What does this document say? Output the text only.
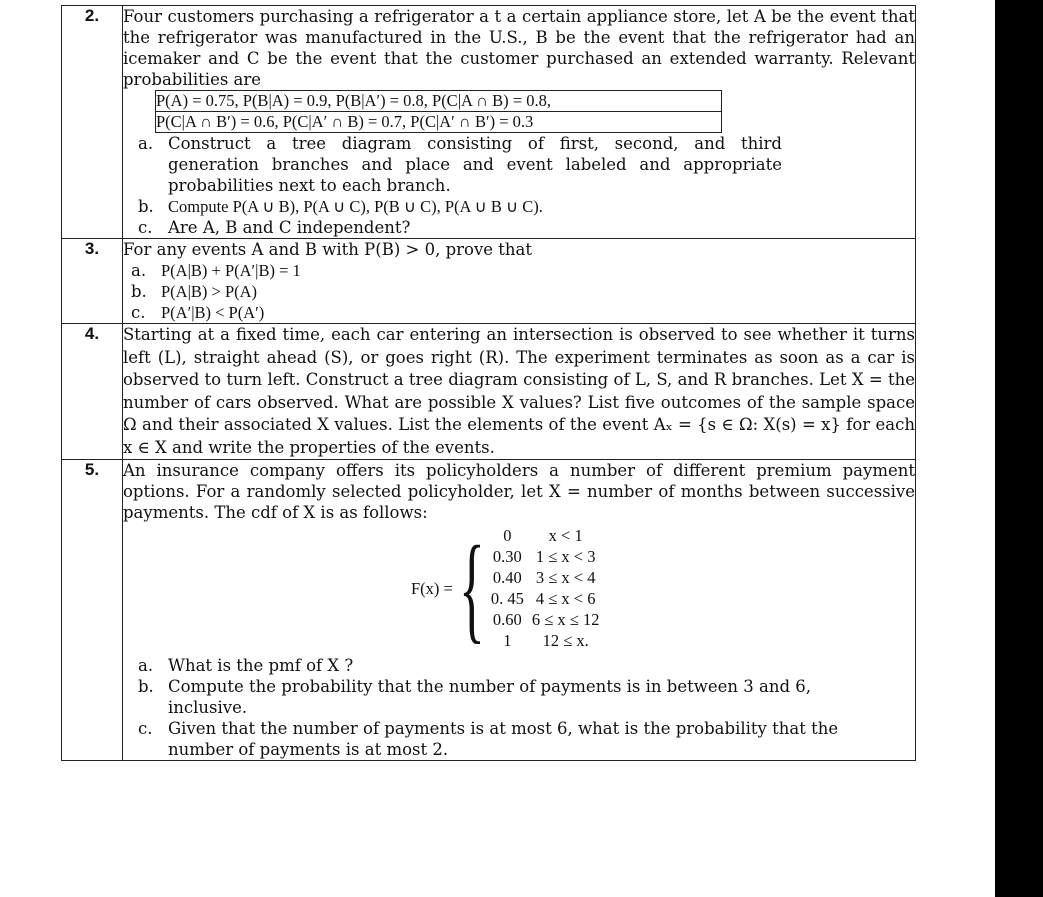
2.	Four customers purchasing a refrigerator a t a certain appliance store, let A be the event that the refrigerator was manufactured in the U.S., B be the event that the refrigerator had an icemaker and C be the event that the customer purchased an extended warranty. Relevant probabilities are
P(A) = 0.75, P(B|A) = 0.9, P(B|A′) = 0.8, P(C|A ∩ B) = 0.8,
P(C|A ∩ B′) = 0.6, P(C|A′ ∩ B) = 0.7, P(C|A′ ∩ B′) = 0.3
a. Construct a tree diagram consisting of first, second, and third generation branches and place and event labeled and appropriate probabilities next to each branch.
b. Compute P(A ∪ B), P(A ∪ C), P(B ∪ C), P(A ∪ B ∪ C).
c. Are A, B and C independent?

3.	For any events A and B with P(B) > 0, prove that
a. P(A|B) + P(A′|B) = 1
b. P(A|B) > P(A)
c. P(A′|B) < P(A′)

4.	Starting at a fixed time, each car entering an intersection is observed to see whether it turns left (L), straight ahead (S), or goes right (R). The experiment terminates as soon as a car is observed to turn left. Construct a tree diagram consisting of L, S, and R branches. Let X = the number of cars observed. What are possible X values? List five outcomes of the sample space Ω and their associated X values. List the elements of the event Aₓ = {s ∈ Ω: X(s) = x} for each x ∈ X and write the properties of the events.
5.	An insurance company offers its policyholders a number of different premium payment options. For a randomly selected policyholder, let X = number of months between successive payments. The cdf of X is as follows:
F(x) = { 0	x < 1
0.30	1 ≤ x < 3
0.40	3 ≤ x < 4
0. 45	4 ≤ x < 6
0.60	6 ≤ x ≤ 12
1	12 ≤ x.
a. What is the pmf of X ?
b. Compute the probability that the number of payments is in between 3 and 6, inclusive.
c. Given that the number of payments is at most 6, what is the probability that the number of payments is at most 2.
